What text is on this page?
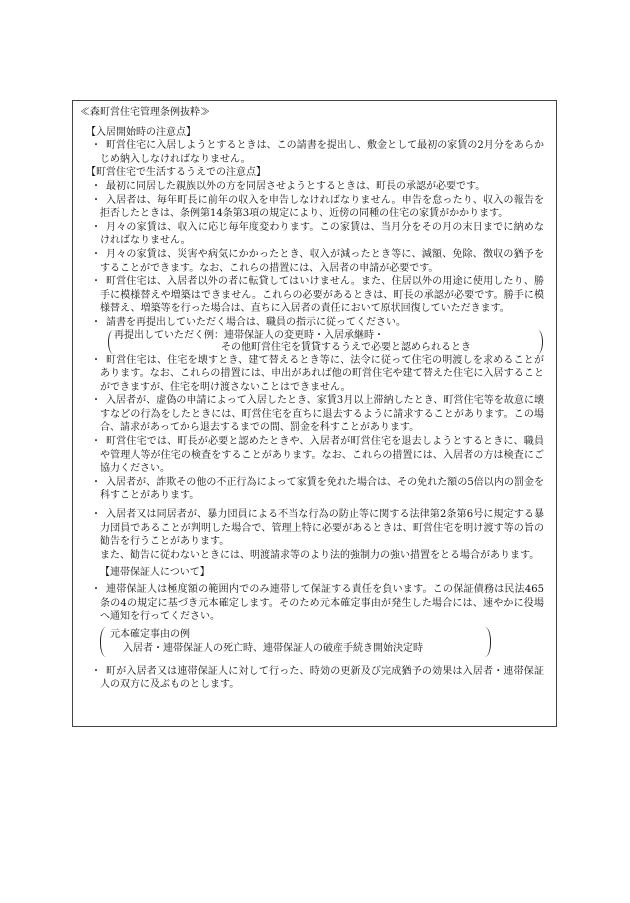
≪森町営住宅管理条例抜粋≫
【入居開始時の注意点】
・ 町営住宅に入居しようとするときは、この請書を提出し、敷金として最初の家賃の2月分をあらかじめ納入しなければなりません。
【町営住宅で生活するうえでの注意点】
・ 最初に同居した親族以外の方を同居させようとするときは、町長の承認が必要です。
・ 入居者は、毎年町長に前年の収入を申告しなければなりません。申告を怠ったり、収入の報告を拒否したときは、条例第14条第3項の規定により、近傍の同種の住宅の家賃がかかります。
・ 月々の家賃は、収入に応じ毎年度変わります。この家賃は、当月分をその月の末日までに納めなければなりません。
・ 月々の家賃は、災害や病気にかかったとき、収入が減ったとき等に、減額、免除、徴収の猶予をすることができます。なお、これらの措置には、入居者の申請が必要です。
・ 町営住宅は、入居者以外の者に転貸してはいけません。また、住居以外の用途に使用したり、勝手に模様替えや増築はできません。これらの必要があるときは、町長の承認が必要です。勝手に模様替え、増築等を行った場合は、直ちに入居者の責任において原状回復していただきます。
・ 請書を再提出していただく場合は、職員の指示に従ってください。
再提出していただく例：連帯保証人の変更時・入居承継時・
その他町営住宅を賃貸するうえで必要と認められるとき
・ 町営住宅は、住宅を壊すとき、建て替えるとき等に、法令に従って住宅の明渡しを求めることがあります。なお、これらの措置には、申出があれば他の町営住宅や建て替えた住宅に入居することができますが、住宅を明け渡さないことはできません。
・ 入居者が、虚偽の申請によって入居したとき、家賃3月以上滞納したとき、町営住宅等を故意に壊すなどの行為をしたときには、町営住宅を直ちに退去するように請求することがあります。この場合、請求があってから退去するまでの間、罰金を科すことがあります。
・ 町営住宅では、町長が必要と認めたときや、入居者が町営住宅を退去しようとするときに、職員や管理人等が住宅の検査をすることがあります。なお、これらの措置には、入居者の方は検査にご協力ください。
・ 入居者が、詐欺その他の不正行為によって家賃を免れた場合は、その免れた額の5倍以内の罰金を科すことがあります。
・ 入居者又は同居者が、暴力団員による不当な行為の防止等に関する法律第2条第6号に規定する暴力団員であることが判明した場合で、管理上特に必要があるときは、町営住宅を明け渡す等の旨の勧告を行うことがあります。
また、勧告に従わないときには、明渡請求等のより法的強制力の強い措置をとる場合があります。
【連帯保証人について】
・ 連帯保証人は極度額の範囲内でのみ連帯して保証する責任を負います。この保証債務は民法465条の4の規定に基づき元本確定します。そのため元本確定事由が発生した場合には、速やかに役場へ通知を行ってください。
元本確定事由の例
入居者・連帯保証人の死亡時、連帯保証人の破産手続き開始決定時
・ 町が入居者又は連帯保証人に対して行った、時効の更新及び完成猶予の効果は入居者・連帯保証人の双方に及ぶものとします。
